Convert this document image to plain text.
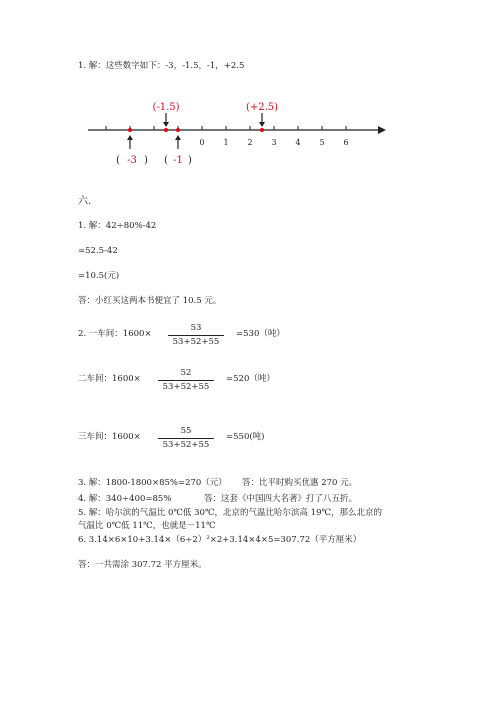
1. 解：这些数字如下：-3，-1.5，-1，+2.5
0 1 2 3 4 5 6
(-1.5)	(+2.5)
( -3 ) ( -1 )
六.
1. 解：42÷80%-42
=52.5-42
=10.5(元)
答：小红买这两本书便宜了 10.5 元。
2. 一车间：1600×
53
53+52+55
=530（吨）
二车间：1600×
52
53+52+55
=520（吨）
三车间：1600×
55
53+52+55
=550(吨)
3. 解：1800-1800×85%=270（元） 答：比平时购买优惠 270 元。
4. 解：340÷400=85%	答：这套《中国四大名著》打了八五折。
5. 解：哈尔滨的气温比 0℃低 30℃，北京的气温比哈尔滨高 19℃，那么北京的
气温比 0℃低 11℃，也就是－11℃
6. 3.14×6×10+3.14×（6÷2）²×2+3.14×4×5=307.72（平方厘米）
答：一共需涂 307.72 平方厘米。
